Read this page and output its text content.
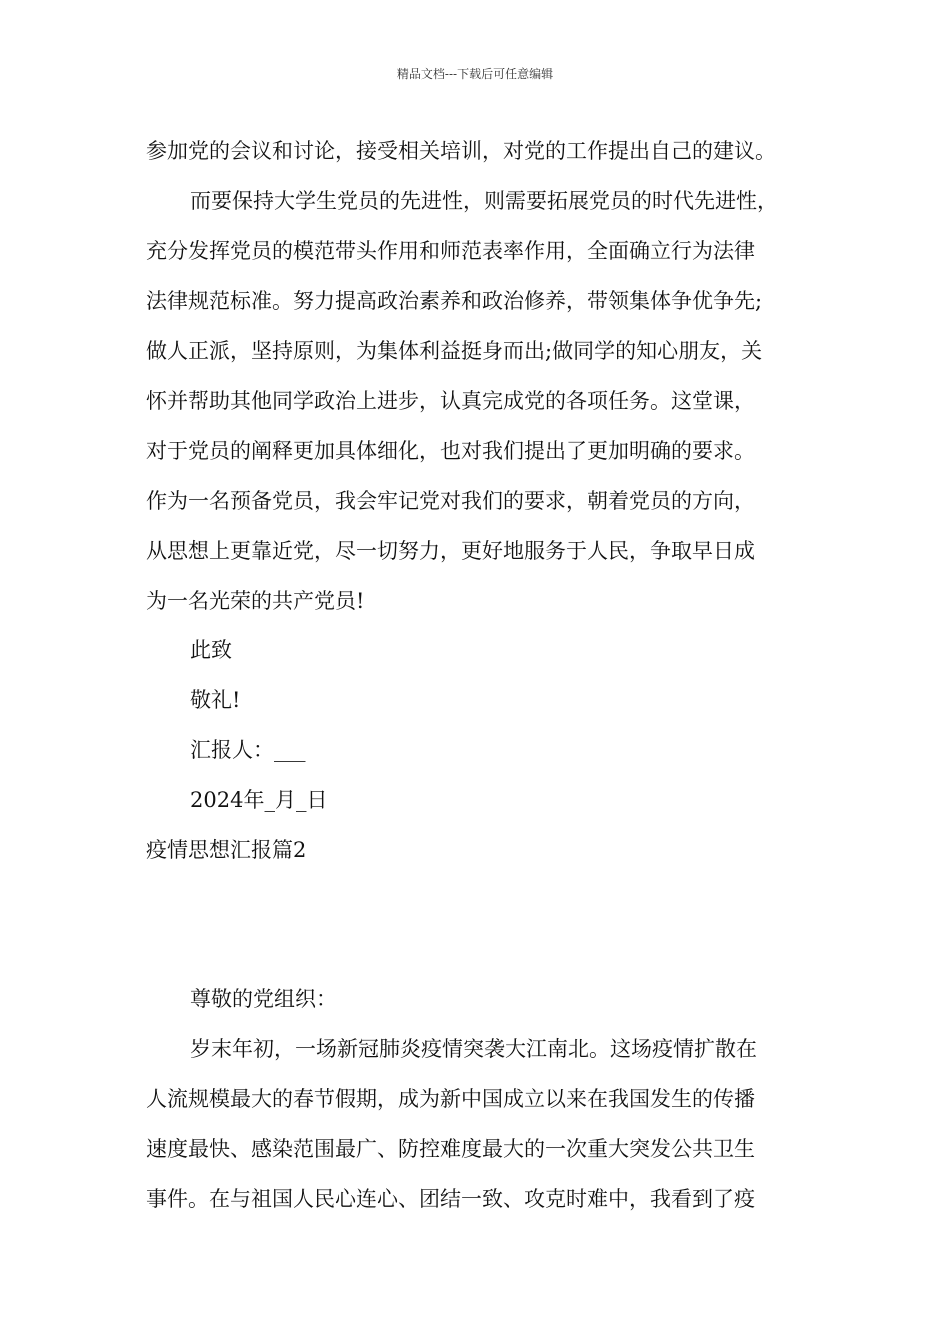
精品文档---下载后可任意编辑
参加党的会议和讨论，接受相关培训，对党的工作提出自己的建议。
而要保持大学生党员的先进性，则需要拓展党员的时代先进性，
充分发挥党员的模范带头作用和师范表率作用，全面确立行为法律
法律规范标准。努力提高政治素养和政治修养，带领集体争优争先;
做人正派，坚持原则，为集体利益挺身而出;做同学的知心朋友，关
怀并帮助其他同学政治上进步，认真完成党的各项任务。这堂课，
对于党员的阐释更加具体细化，也对我们提出了更加明确的要求。
作为一名预备党员，我会牢记党对我们的要求，朝着党员的方向，
从思想上更靠近党，尽一切努力，更好地服务于人民，争取早日成
为一名光荣的共产党员!
此致
敬礼!
汇报人：___
2024年_月_日
疫情思想汇报篇2
尊敬的党组织：
岁末年初，一场新冠肺炎疫情突袭大江南北。这场疫情扩散在
人流规模最大的春节假期，成为新中国成立以来在我国发生的传播
速度最快、感染范围最广、防控难度最大的一次重大突发公共卫生
事件。在与祖国人民心连心、团结一致、攻克时难中，我看到了疫
